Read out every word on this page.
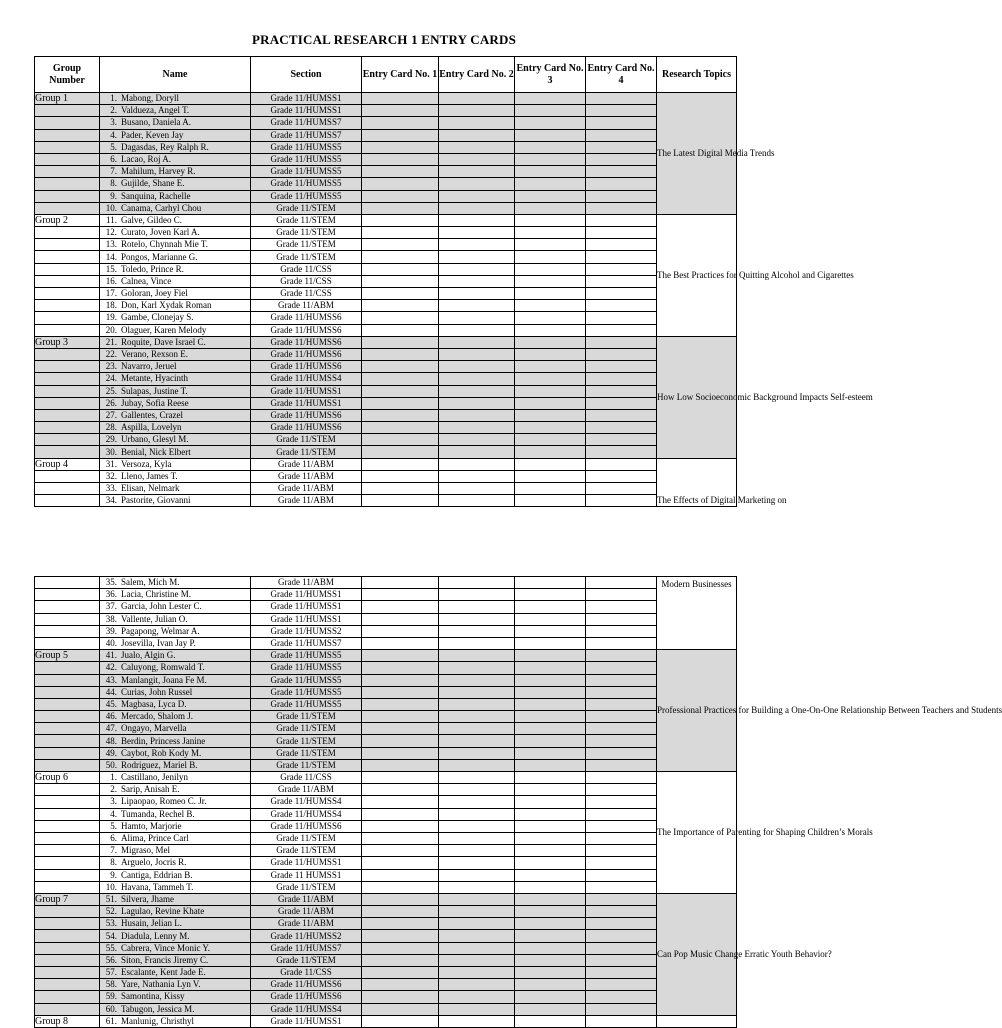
PRACTICAL RESEARCH 1 ENTRY CARDS
Group Number	Name	Section	Entry Card No. 1	Entry Card No. 2	Entry Card No. 3	Entry Card No. 4	Research Topics
Group 1	1. Mabong, Doryll	Grade 11/HUMSS1					The Latest Digital Media Trends
	2. Valdueza, Angel T.	Grade 11/HUMSS1					
	3. Busano, Daniela A.	Grade 11/HUMSS7					
	4. Pader, Keven Jay	Grade 11/HUMSS7					
	5. Dagasdas, Rey Ralph R.	Grade 11/HUMSS5					
	6. Lacao, Roj A.	Grade 11/HUMSS5					
	7. Mahilum, Harvey R.	Grade 11/HUMSS5					
	8. Gujilde, Shane E.	Grade 11/HUMSS5					
	9. Sanquina, Rachelle	Grade 11/HUMSS5					
	10. Canama, Carhyl Chou	Grade 11/STEM					
Group 2	11. Galve, Gildeo C.	Grade 11/STEM					The Best Practices for Quitting Alcohol and Cigarettes
	12. Curato, Joven Karl A.	Grade 11/STEM					
	13. Rotelo, Chynnah Mie T.	Grade 11/STEM					
	14. Pongos, Marianne G.	Grade 11/STEM					
	15. Toledo, Prince R.	Grade 11/CSS					
	16. Calnea, Vince	Grade 11/CSS					
	17. Goloran, Joey Fiel	Grade 11/CSS					
	18. Don, Karl Xydak Roman	Grade 11/ABM					
	19. Gambe, Clonejay S.	Grade 11/HUMSS6					
	20. Olaguer, Karen Melody	Grade 11/HUMSS6					
Group 3	21. Roquite, Dave Israel C.	Grade 11/HUMSS6					How Low Socioeconomic Background Impacts Self-esteem
	22. Verano, Rexson E.	Grade 11/HUMSS6					
	23. Navarro, Jeruel	Grade 11/HUMSS6					
	24. Metante, Hyacinth	Grade 11/HUMSS4					
	25. Sulapas, Justine T.	Grade 11/HUMSS1					
	26. Jubay, Sofia Reese	Grade 11/HUMSS1					
	27. Gallentes, Crazel	Grade 11/HUMSS6					
	28. Aspilla, Lovelyn	Grade 11/HUMSS6					
	29. Urbano, Glesyl M.	Grade 11/STEM					
	30. Benial, Nick Elbert	Grade 11/STEM					
Group 4	31. Versoza, Kyla	Grade 11/ABM					The Effects of Digital Marketing on
	32. Lleno, James T.	Grade 11/ABM					
	33. Elisan, Nelmark	Grade 11/ABM					
	34. Pastorite, Giovanni	Grade 11/ABM					
	35. Salem, Mich M.	Grade 11/ABM					Modern Businesses
	36. Lacia, Christine M.	Grade 11/HUMSS1					
	37. Garcia, John Lester C.	Grade 11/HUMSS1					
	38. Vallente, Julian O.	Grade 11/HUMSS1					
	39. Pagapong, Welmar A.	Grade 11/HUMSS2					
	40. Josevilla, Ivan Jay P.	Grade 11/HUMSS7					
Group 5	41. Jualo, Algin G.	Grade 11/HUMSS5					Professional Practices for Building a One-On-One Relationship Between Teachers and Students
	42. Caluyong, Romwald T.	Grade 11/HUMSS5					
	43. Manlangit, Joana Fe M.	Grade 11/HUMSS5					
	44. Curias, John Russel	Grade 11/HUMSS5					
	45. Magbasa, Lyca D.	Grade 11/HUMSS5					
	46. Mercado, Shalom J.	Grade 11/STEM					
	47. Ongayo, Marvella	Grade 11/STEM					
	48. Berdin, Princess Janine	Grade 11/STEM					
	49. Caybot, Rob Kody M.	Grade 11/STEM					
	50. Rodriguez, Mariel B.	Grade 11/STEM					
Group 6	1. Castillano, Jenilyn	Grade 11/CSS					The Importance of Parenting for Shaping Children’s Morals
	2. Sarip, Anisah E.	Grade 11/ABM					
	3. Lipaopao, Romeo C. Jr.	Grade 11/HUMSS4					
	4. Tumanda, Rechel B.	Grade 11/HUMSS4					
	5. Hamto, Marjorie	Grade 11/HUMSS6					
	6. Alima, Prince Carl	Grade 11/STEM					
	7. Migraso, Mel	Grade 11/STEM					
	8. Arguelo, Jocris R.	Grade 11/HUMSS1					
	9. Cantiga, Eddrian B.	Grade 11 HUMSS1					
	10. Havana, Tammeh T.	Grade 11/STEM					
Group 7	51. Silvera, Jhame	Grade 11/ABM					Can Pop Music Change Erratic Youth Behavior?
	52. Lagulao, Revine Khate	Grade 11/ABM					
	53. Husain, Jelian L.	Grade 11/ABM					
	54. Diadula, Lenny M.	Grade 11/HUMSS2					
	55. Cabrera, Vince Monic Y.	Grade 11/HUMSS7					
	56. Siton, Francis Jiremy C.	Grade 11/STEM					
	57. Escalante, Kent Jade E.	Grade 11/CSS					
	58. Yare, Nathania Lyn V.	Grade 11/HUMSS6					
	59. Samontina, Kissy	Grade 11/HUMSS6					
	60. Tabugon, Jessica M.	Grade 11/HUMSS4					
Group 8	61. Manlunig, Christhyl	Grade 11/HUMSS1					
